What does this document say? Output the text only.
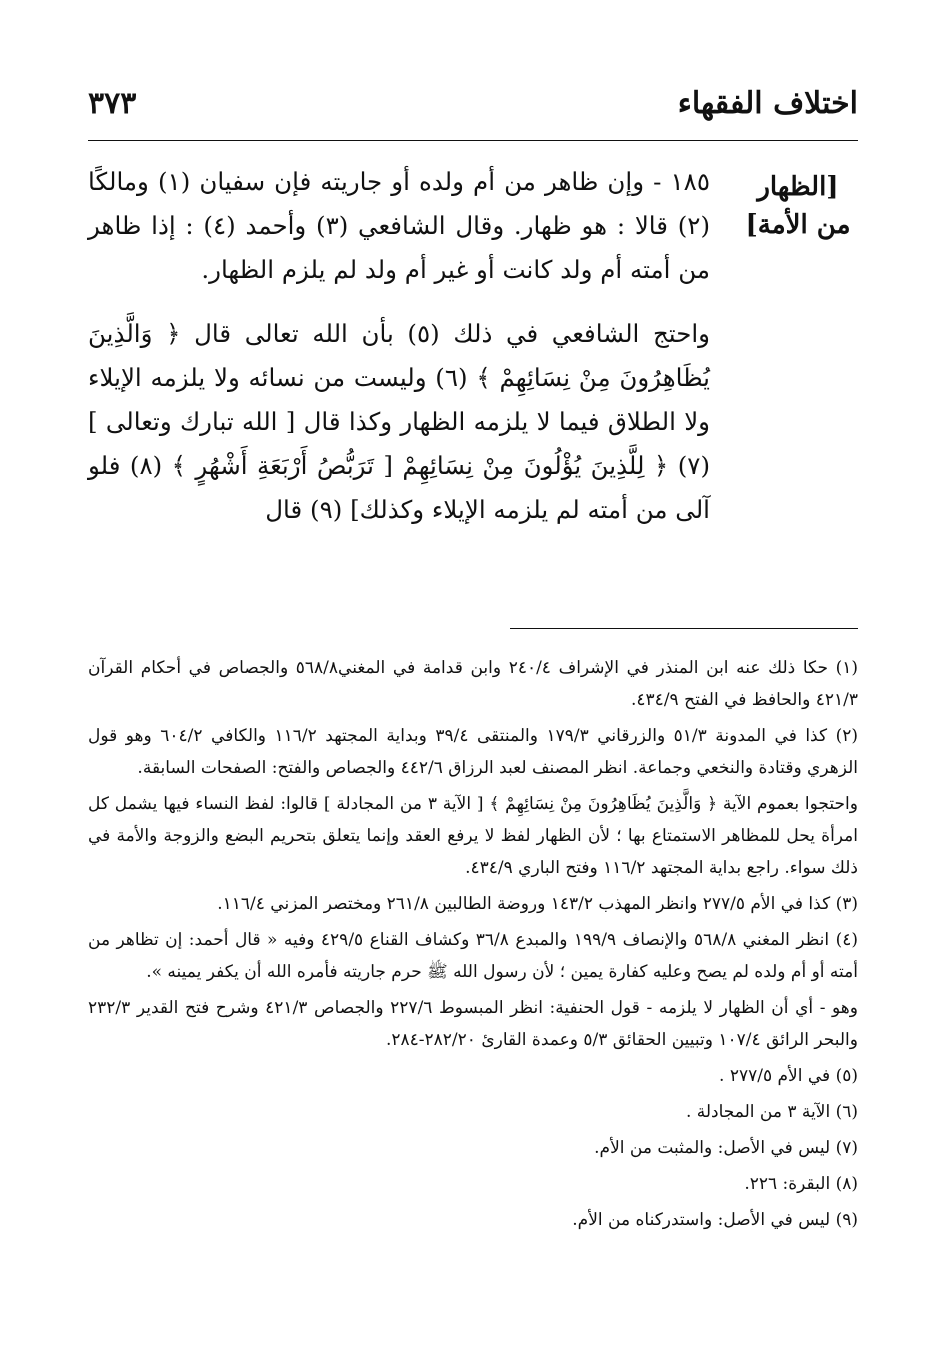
اختلاف الفقهاء
٣٧٣
[الظهار من الأمة]

١٨٥ - وإن ظاهر من أم ولده أو جاريته فإن سفيان (١) ومالكًا (٢) قالا : هو ظهار. وقال الشافعي (٣) وأحمد (٤) : إذا ظاهر من أمته أم ولد كانت أو غير أم ولد لم يلزم الظهار.

واحتج الشافعي في ذلك (٥) بأن الله تعالى قال ﴿ وَالَّذِينَ يُظَاهِرُونَ مِنْ نِسَائِهِمْ ﴾ (٦) وليست من نسائه ولا يلزمه الإيلاء ولا الطلاق فيما لا يلزمه الظهار وكذا قال [ الله تبارك وتعالى ] (٧) ﴿ لِلَّذِينَ يُؤْلُونَ مِنْ نِسَائِهِمْ [ تَرَبُّصُ أَرْبَعَةِ أَشْهُرٍ ﴾ (٨) فلو آلى من أمته لم يلزمه الإيلاء وكذلك] (٩) قال

(١) حكا ذلك عنه ابن المنذر في الإشراف ٢٤٠/٤ وابن قدامة في المغني٥٦٨/٨ والجصاص في أحكام القرآن ٤٢١/٣ والحافظ في الفتح ٤٣٤/٩.

(٢) كذا في المدونة ٥١/٣ والزرقاني ١٧٩/٣ والمنتقى ٣٩/٤ وبداية المجتهد ١١٦/٢ والكافي ٦٠٤/٢ وهو قول الزهري وقتادة والنخعي وجماعة. انظر المصنف لعبد الرزاق ٤٤٢/٦ والجصاص والفتح: الصفحات السابقة.

واحتجوا بعموم الآية ﴿ وَالَّذِينَ يُظَاهِرُونَ مِنْ نِسَائِهِمْ ﴾ [ الآية ٣ من المجادلة ] قالوا: لفظ النساء فيها يشمل كل امرأة يحل للمظاهر الاستمتاع بها ؛ لأن الظهار لفظ لا يرفع العقد وإنما يتعلق بتحريم البضع والزوجة والأمة في ذلك سواء. راجع بداية المجتهد ١١٦/٢ وفتح الباري ٤٣٤/٩.

(٣) كذا في الأم ٢٧٧/٥ وانظر المهذب ١٤٣/٢ وروضة الطالبين ٢٦١/٨ ومختصر المزني ١١٦/٤.

(٤) انظر المغني ٥٦٨/٨ والإنصاف ١٩٩/٩ والمبدع ٣٦/٨ وكشاف القناع ٤٢٩/٥ وفيه « قال أحمد: إن تظاهر من أمته أو أم ولده لم يصح وعليه كفارة يمين ؛ لأن رسول الله ﷺ حرم جاريته فأمره الله أن يكفر يمينه ».

وهو - أي أن الظهار لا يلزمه - قول الحنفية: انظر المبسوط ٢٢٧/٦ والجصاص ٤٢١/٣ وشرح فتح القدير ٢٣٢/٣ والبحر الرائق ١٠٧/٤ وتبيين الحقائق ٥/٣ وعمدة القارئ ٢٨٢/٢٠-٢٨٤.

(٥) في الأم ٢٧٧/٥ .

(٦) الآية ٣ من المجادلة .

(٧) ليس في الأصل: والمثبت من الأم.

(٨) البقرة: ٢٢٦.

(٩) ليس في الأصل: واستدركناه من الأم.
